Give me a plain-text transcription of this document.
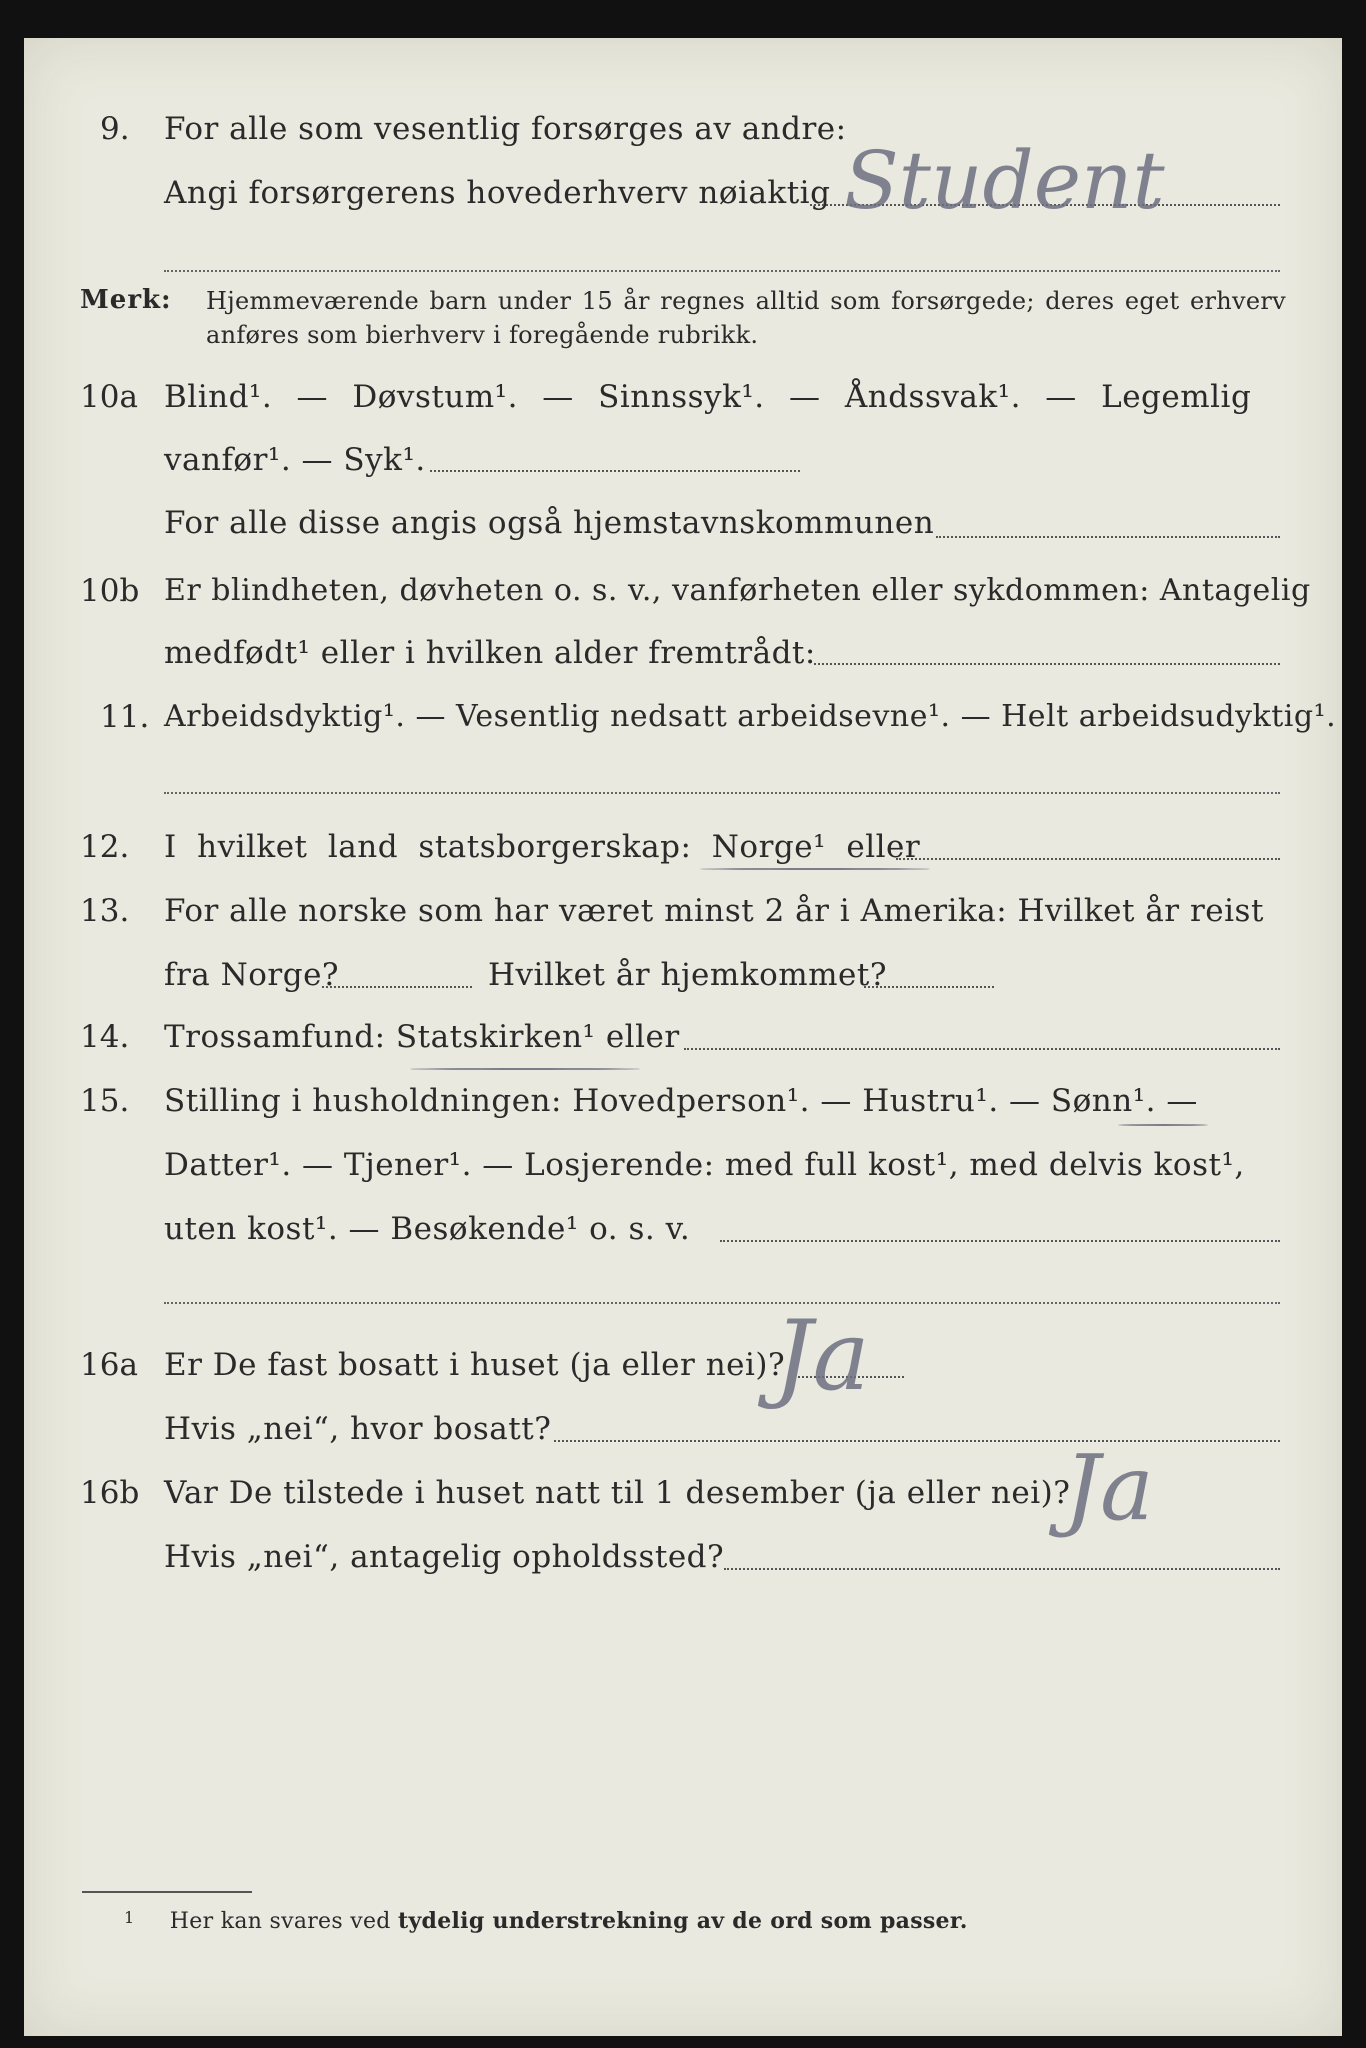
9. For alle som vesentlig forsørges av andre:
Angi forsørgerens hovederhverv nøiaktig Student
Merk: Hjemmeværende barn under 15 år regnes alltid som forsørgede; deres eget erhverv anføres som bierhverv i foregående rubrikk.
10a Blind¹. — Døvstum¹. — Sinnssyk¹. — Åndssvak¹. — Legemlig
vanfør¹. — Syk¹.
For alle disse angis også hjemstavnskommunen
10b Er blindheten, døvheten o. s. v., vanførheten eller sykdommen: Antagelig
medfødt¹ eller i hvilken alder fremtrådt:
11. Arbeidsdyktig¹. — Vesentlig nedsatt arbeidsevne¹. — Helt arbeidsudyktig¹.
12. I hvilket land statsborgerskap: Norge¹ eller
13. For alle norske som har været minst 2 år i Amerika: Hvilket år reist
fra Norge?	Hvilket år hjemkommet?
14. Trossamfund: Statskirken¹ eller
15. Stilling i husholdningen: Hovedperson¹. — Hustru¹. — Sønn¹. —
Datter¹. — Tjener¹. — Losjerende: med full kost¹, med delvis kost¹,
uten kost¹. — Besøkende¹ o. s. v.
16a Er De fast bosatt i huset (ja eller nei)?
Ja
Hvis „nei“, hvor bosatt?
16b Var De tilstede i huset natt til 1 desember (ja eller nei)?
Ja
Hvis „nei“, antagelig opholdssted?
$^1$ Her kan svares ved tydelig understrekning av de ord som passer.
